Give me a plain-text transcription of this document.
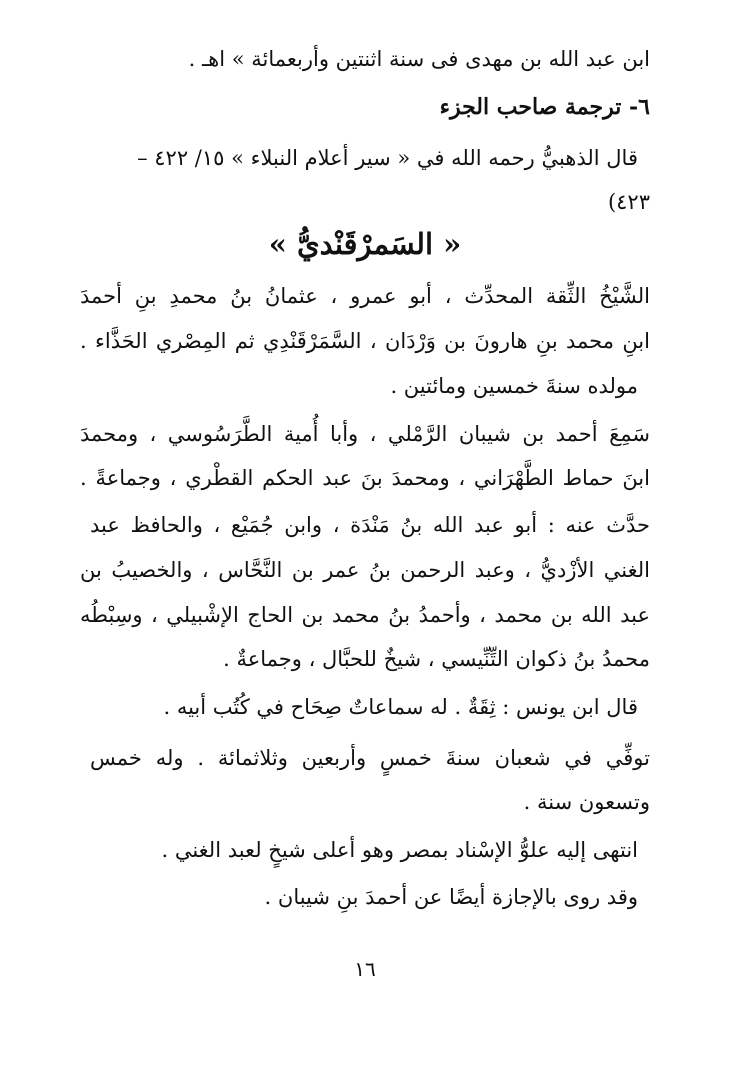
ابن عبد الله بن مهدى فى سنة اثنتين وأربعمائة » اهـ .

٦- ترجمة صاحب الجزء

قال الذهبيُّ رحمه الله في « سير أعلام النبلاء » ١٥/ ٤٢٢ –

٤٢٣)

« السَمرْقَنْديُّ »

الشَّيْخُ الثِّقة المحدِّث ، أبو عمرو ، عثمانُ بنُ محمدِ بنِ أحمدَ

ابنِ محمد بنِ هارونَ بن وَرْدَان ، السَّمَرْقَنْدِي ثم المِصْري الحَذَّاء .

مولده سنةَ خمسين ومائتين .

سَمِعَ أحمد بن شيبان الرَّمْلي ، وأبا أُمية الطَّرَسُوسي ، ومحمدَ

ابنَ حماط الطَّهْرَاني ، ومحمدَ بنَ عبد الحكم القطْري ، وجماعةً .

حدَّث عنه : أبو عبد الله بنُ مَنْدَة ، وابن جُمَيْع ، والحافظ عبد

الغني الأزْديُّ ، وعبد الرحمن بنُ عمر بن النَّحَّاس ، والخصيبُ بن

عبد الله بن محمد ، وأحمدُ بنُ محمد بن الحاج الإشْبيلي ، وسِبْطُه

محمدُ بنُ ذكوان التِّنِّيسي ، شيخٌ للحبَّال ، وجماعةٌ .

قال ابن يونس : ثِقَةٌ . له سماعاتٌ صِحَاح في كُتُب أبيه .

توفِّي في شعبان سنةَ خمسٍ وأربعين وثلاثمائة . وله خمس

وتسعون سنة .

انتهى إليه علوُّ الإسْناد بمصر وهو أعلى شيخٍ لعبد الغني .

وقد روى بالإجازة أيضًا عن أحمدَ بنِ شيبان .

١٦
